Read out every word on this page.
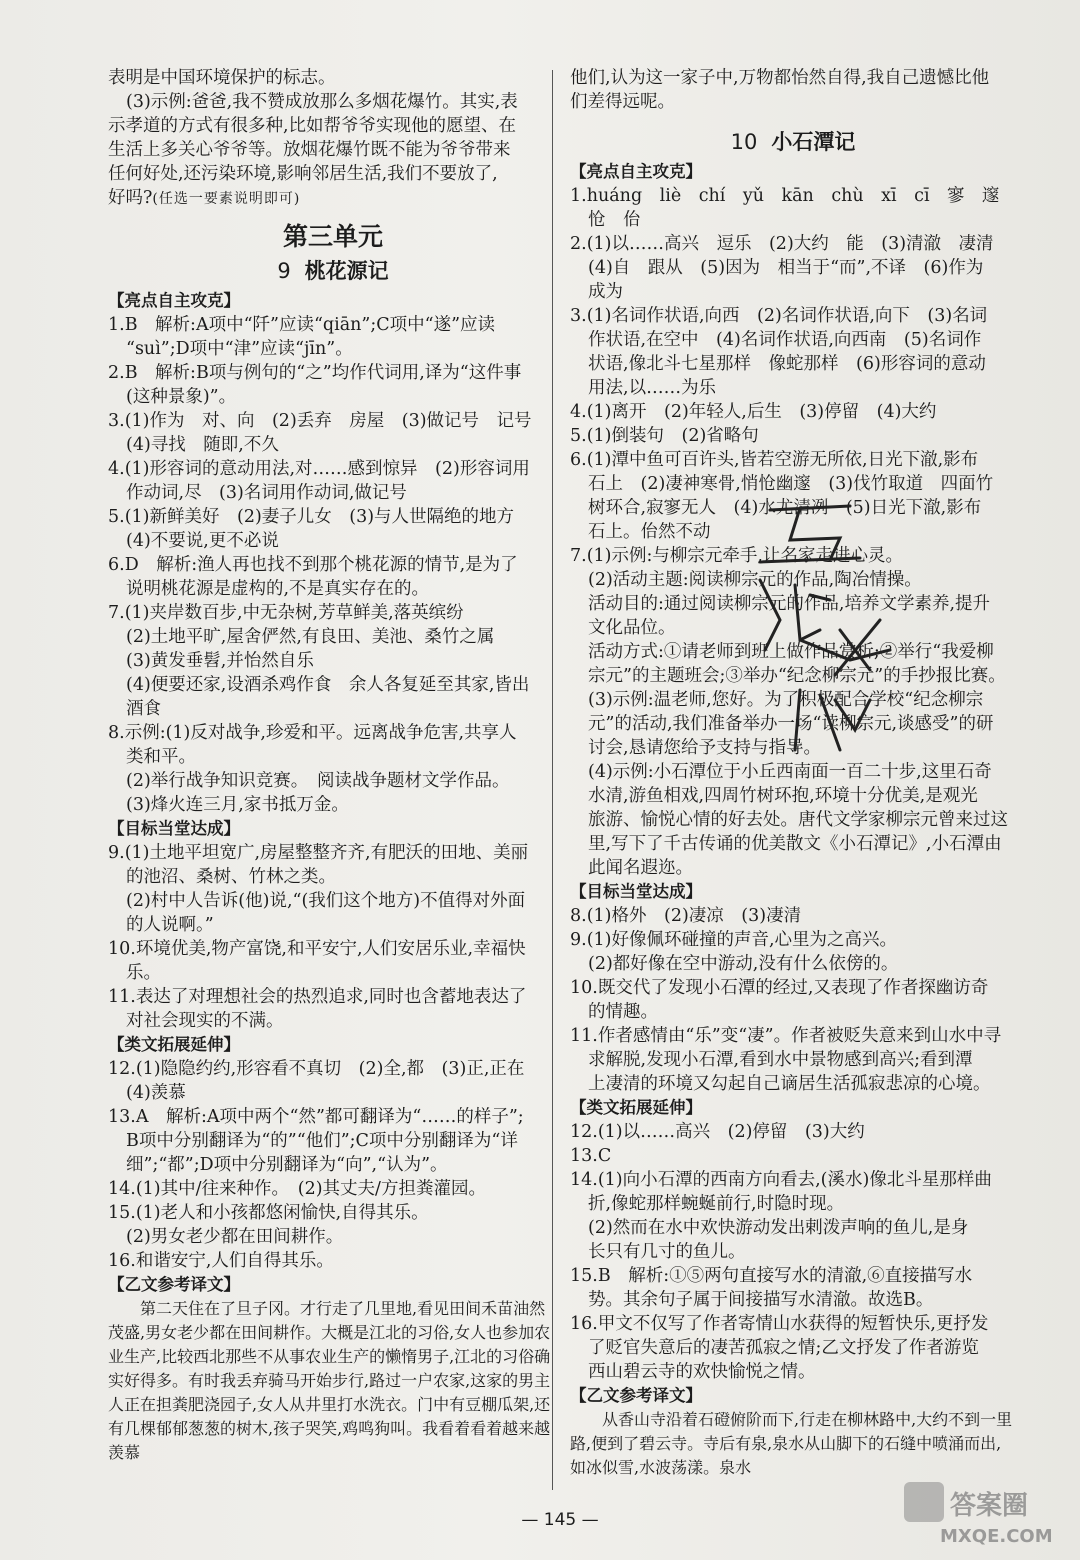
表明是中国环境保护的标志。

(3)示例:爸爸,我不赞成放那么多烟花爆竹。其实,表

示孝道的方式有很多种,比如帮爷爷实现他的愿望、在

生活上多关心爷爷等。放烟花爆竹既不能为爷爷带来

任何好处,还污染环境,影响邻居生活,我们不要放了,

好吗?(任选一要素说明即可)

第三单元
9 桃花源记

【亮点自主攻克】

1.B　解析:A项中“阡”应读“qiān”;C项中“遂”应读

“suì”;D项中“津”应读“jīn”。

2.B　解析:B项与例句的“之”均作代词用,译为“这件事

(这种景象)”。

3.(1)作为　对、向　(2)丢弃　房屋　(3)做记号　记号

(4)寻找　随即,不久

4.(1)形容词的意动用法,对……感到惊异　(2)形容词用

作动词,尽　(3)名词用作动词,做记号

5.(1)新鲜美好　(2)妻子儿女　(3)与人世隔绝的地方

(4)不要说,更不必说

6.D　解析:渔人再也找不到那个桃花源的情节,是为了

说明桃花源是虚构的,不是真实存在的。

7.(1)夹岸数百步,中无杂树,芳草鲜美,落英缤纷

(2)土地平旷,屋舍俨然,有良田、美池、桑竹之属

(3)黄发垂髫,并怡然自乐

(4)便要还家,设酒杀鸡作食　余人各复延至其家,皆出

酒食

8.示例:(1)反对战争,珍爱和平。远离战争危害,共享人

类和平。

(2)举行战争知识竞赛。　阅读战争题材文学作品。

(3)烽火连三月,家书抵万金。

【目标当堂达成】

9.(1)土地平坦宽广,房屋整整齐齐,有肥沃的田地、美丽

的池沼、桑树、竹林之类。

(2)村中人告诉(他)说,“(我们这个地方)不值得对外面

的人说啊。”

10.环境优美,物产富饶,和平安宁,人们安居乐业,幸福快

乐。

11.表达了对理想社会的热烈追求,同时也含蓄地表达了

对社会现实的不满。

【类文拓展延伸】

12.(1)隐隐约约,形容看不真切　(2)全,都　(3)正,正在

(4)羡慕

13.A　解析:A项中两个“然”都可翻译为“……的样子”;

B项中分别翻译为“的”“他们”;C项中分别翻译为“详

细”;“都”;D项中分别翻译为“向”,“认为”。

14.(1)其中/往来种作。　(2)其丈夫/方担粪灌园。

15.(1)老人和小孩都悠闲愉快,自得其乐。

(2)男女老少都在田间耕作。

16.和谐安宁,人们自得其乐。

【乙文参考译文】

第二天住在了旦子冈。才行走了几里地,看见田间禾苗油然茂盛,男女老少都在田间耕作。大概是江北的习俗,女人也参加农业生产,比较西北那些不从事农业生产的懒惰男子,江北的习俗确实好得多。有时我丢弃骑马开始步行,路过一户农家,这家的男主人正在担粪肥浇园子,女人从井里打水洗衣。门中有豆棚瓜架,还有几棵郁郁葱葱的树木,孩子哭笑,鸡鸣狗叫。我看着看着越来越羡慕

他们,认为这一家子中,万物都怡然自得,我自己遗憾比他

们差得远呢。

10 小石潭记

【亮点自主攻克】

1.huáng　liè　chí　yǔ　kān　chù　xī　cī　寥　邃

怆　佁

2.(1)以……高兴　逗乐　(2)大约　能　(3)清澈　凄清

(4)自　跟从　(5)因为　相当于“而”,不译　(6)作为

成为

3.(1)名词作状语,向西　(2)名词作状语,向下　(3)名词

作状语,在空中　(4)名词作状语,向西南　(5)名词作

状语,像北斗七星那样　像蛇那样　(6)形容词的意动

用法,以……为乐

4.(1)离开　(2)年轻人,后生　(3)停留　(4)大约

5.(1)倒装句　(2)省略句

6.(1)潭中鱼可百许头,皆若空游无所依,日光下澈,影布

石上　(2)凄神寒骨,悄怆幽邃　(3)伐竹取道　四面竹

树环合,寂寥无人　(4)水尤清冽　(5)日光下澈,影布

石上。佁然不动

7.(1)示例:与柳宗元牵手,让名家走进心灵。

(2)活动主题:阅读柳宗元的作品,陶冶情操。

活动目的:通过阅读柳宗元的作品,培养文学素养,提升

文化品位。

活动方式:①请老师到班上做作品赏析;②举行“我爱柳

宗元”的主题班会;③举办“纪念柳宗元”的手抄报比赛。

(3)示例:温老师,您好。为了积极配合学校“纪念柳宗

元”的活动,我们准备举办一场“读柳宗元,谈感受”的研

讨会,恳请您给予支持与指导。

(4)示例:小石潭位于小丘西南面一百二十步,这里石奇

水清,游鱼相戏,四周竹树环抱,环境十分优美,是观光

旅游、愉悦心情的好去处。唐代文学家柳宗元曾来过这

里,写下了千古传诵的优美散文《小石潭记》,小石潭由

此闻名遐迩。

【目标当堂达成】

8.(1)格外　(2)凄凉　(3)凄清

9.(1)好像佩环碰撞的声音,心里为之高兴。

(2)都好像在空中游动,没有什么依傍的。

10.既交代了发现小石潭的经过,又表现了作者探幽访奇

的情趣。

11.作者感情由“乐”变“凄”。作者被贬失意来到山水中寻

求解脱,发现小石潭,看到水中景物感到高兴;看到潭

上凄清的环境又勾起自己谪居生活孤寂悲凉的心境。

【类文拓展延伸】

12.(1)以……高兴　(2)停留　(3)大约

13.C

14.(1)向小石潭的西南方向看去,(溪水)像北斗星那样曲

折,像蛇那样蜿蜒前行,时隐时现。

(2)然而在水中欢快游动发出剌泼声响的鱼儿,是身

长只有几寸的鱼儿。

15.B　解析:①⑤两句直接写水的清澈,⑥直接描写水

势。其余句子属于间接描写水清澈。故选B。

16.甲文不仅写了作者寄情山水获得的短暂快乐,更抒发

了贬官失意后的凄苦孤寂之情;乙文抒发了作者游览

西山碧云寺的欢快愉悦之情。

【乙文参考译文】

从香山寺沿着石磴俯阶而下,行走在柳林路中,大约不到一里路,便到了碧云寺。寺后有泉,泉水从山脚下的石缝中喷涌而出,如冰似雪,水波荡漾。泉水

— 145 —	答案圈
MXQE.COM
